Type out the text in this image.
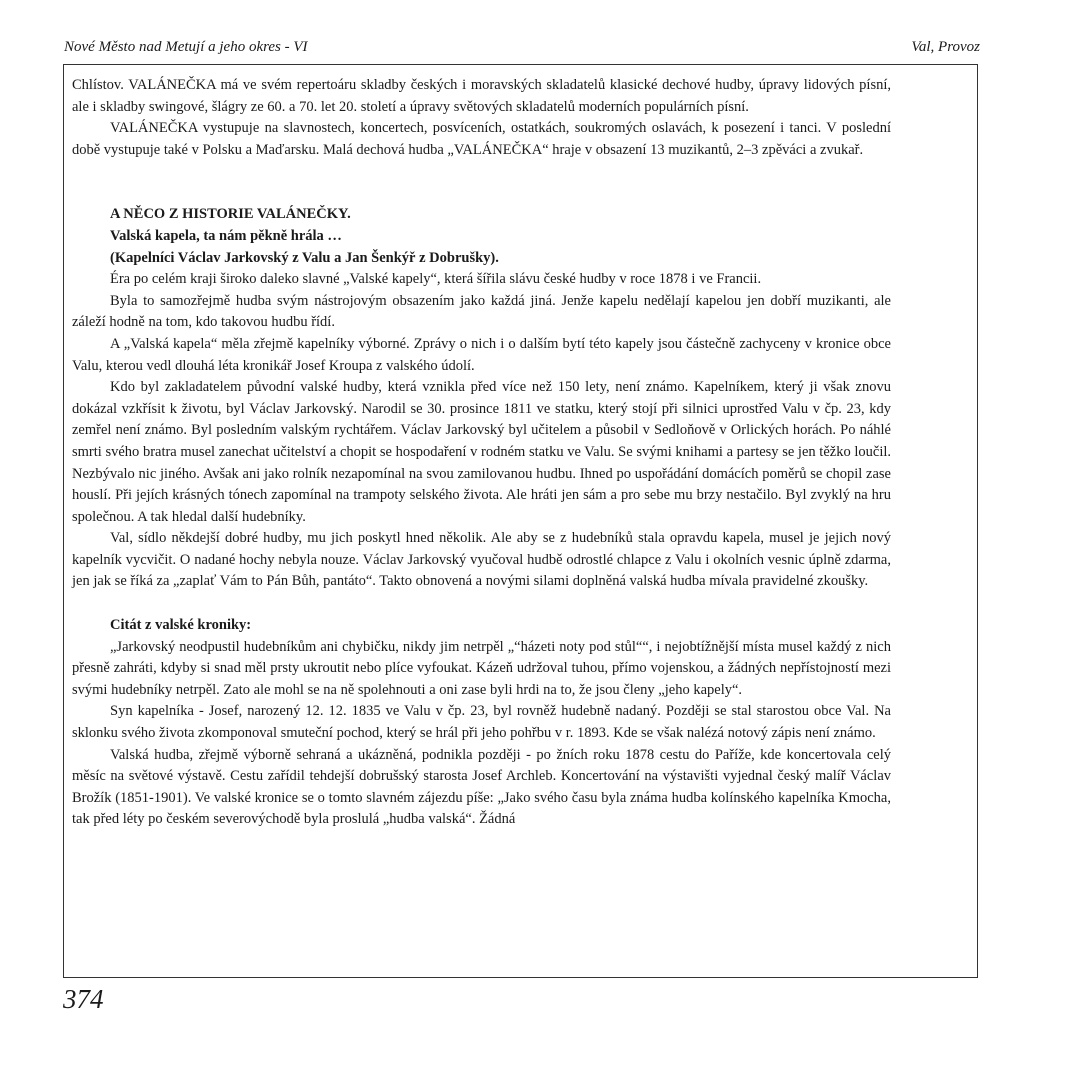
Nové Město nad Metují a jeho okres - VI	Val, Provoz

Chlístov. VALÁNEČKA má ve svém repertoáru skladby českých i moravských skladatelů klasické dechové hudby, úpravy lidových písní, ale i skladby swingové, šlágry ze 60. a 70. let 20. století a úpravy světových skladatelů moderních populárních písní.

VALÁNEČKA vystupuje na slavnostech, koncertech, posvíceních, ostatkách, soukromých oslavách, k posezení i tanci. V poslední době vystupuje také v Polsku a Maďarsku. Malá dechová hudba „VALÁNEČKA“ hraje v obsazení 13 muzikantů, 2–3 zpěváci a zvukař.

A NĚCO Z HISTORIE VALÁNEČKY.

Valská kapela, ta nám pěkně hrála …

(Kapelníci Václav Jarkovský z Valu a Jan Šenkýř z Dobrušky).

Éra po celém kraji široko daleko slavné „Valské kapely“, která šířila slávu české hudby v roce 1878 i ve Francii.

Byla to samozřejmě hudba svým nástrojovým obsazením jako každá jiná. Jenže kapelu nedělají kapelou jen dobří muzikanti, ale záleží hodně na tom, kdo takovou hudbu řídí.

A „Valská kapela“ měla zřejmě kapelníky výborné. Zprávy o nich i o dalším bytí této kapely jsou částečně zachyceny v kronice obce Valu, kterou vedl dlouhá léta kronikář Josef Kroupa z valského údolí.

Kdo byl zakladatelem původní valské hudby, která vznikla před více než 150 lety, není známo. Kapelníkem, který ji však znovu dokázal vzkřísit k životu, byl Václav Jarkovský. Narodil se 30. prosince 1811 ve statku, který stojí při silnici uprostřed Valu v čp. 23, kdy zemřel není známo. Byl posledním valským rychtářem. Václav Jarkovský byl učitelem a působil v Sedloňově v Orlických horách. Po náhlé smrti svého bratra musel zanechat učitelství a chopit se hospodaření v rodném statku ve Valu. Se svými knihami a partesy se jen těžko loučil. Nezbývalo nic jiného. Avšak ani jako rolník nezapomínal na svou zamilovanou hudbu. Ihned po uspořádání domácích poměrů se chopil zase houslí. Při jejích krásných tónech zapomínal na trampoty selského života. Ale hráti jen sám a pro sebe mu brzy nestačilo. Byl zvyklý na hru společnou. A tak hledal další hudebníky.

Val, sídlo někdejší dobré hudby, mu jich poskytl hned několik. Ale aby se z hudebníků stala opravdu kapela, musel je jejich nový kapelník vycvičit. O nadané hochy nebyla nouze. Václav Jarkovský vyučoval hudbě odrostlé chlapce z Valu i okolních vesnic úplně zdarma, jen jak se říká za „zaplať Vám to Pán Bůh, pantáto“. Takto obnovená a novými silami doplněná valská hudba mívala pravidelné zkoušky.

Citát z valské kroniky:

„Jarkovský neodpustil hudebníkům ani chybičku, nikdy jim netrpěl „“házeti noty pod stůl““, i nejobtížnější místa musel každý z nich přesně zahráti, kdyby si snad měl prsty ukroutit nebo plíce vyfoukat. Kázeň udržoval tuhou, přímo vojenskou, a žádných nepřístojností mezi svými hudebníky netrpěl. Zato ale mohl se na ně spolehnouti a oni zase byli hrdi na to, že jsou členy „jeho kapely“.

Syn kapelníka - Josef, narozený 12. 12. 1835 ve Valu v čp. 23, byl rovněž hudebně nadaný. Později se stal starostou obce Val. Na sklonku svého života zkomponoval smuteční pochod, který se hrál při jeho pohřbu v r. 1893. Kde se však nalézá notový zápis není známo.

Valská hudba, zřejmě výborně sehraná a ukázněná, podnikla později - po žních roku 1878 cestu do Paříže, kde koncertovala celý měsíc na světové výstavě. Cestu zařídil tehdejší dobrušský starosta Josef Archleb. Koncertování na výstavišti vyjednal český malíř Václav Brožík (1851-1901). Ve valské kronice se o tomto slavném zájezdu píše: „Jako svého času byla známa hudba kolínského kapelníka Kmocha, tak před léty po českém severovýchodě byla proslulá „hudba valská“. Žádná

374
